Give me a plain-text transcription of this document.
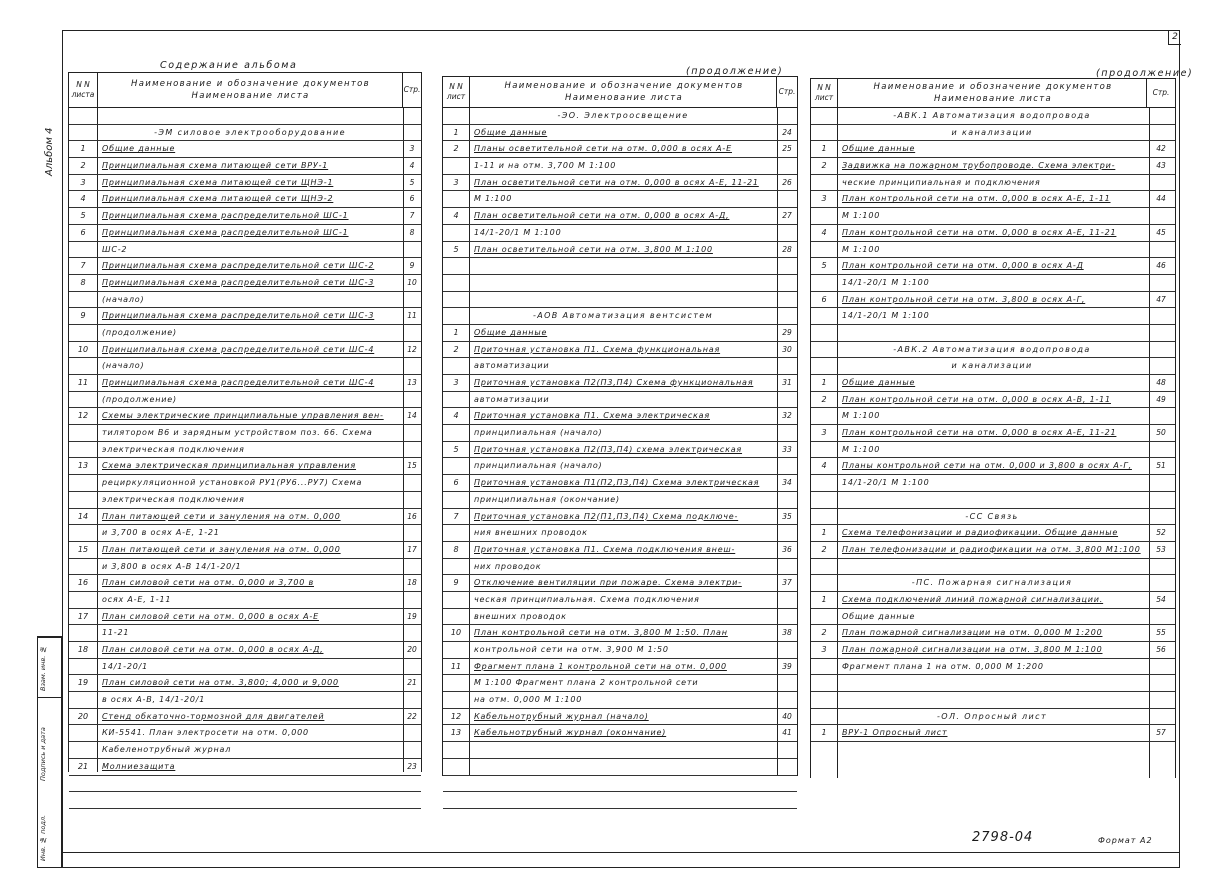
2
Альбом 4
Взам. инв. №
Подпись и дата
Инв. № подл.
Содержание альбома
N N листа
Наименование и обозначение документов
Наименование листа
Стр.
-ЭМ силовое электрооборудование
1	Общие данные	3
2	Принципиальная схема питающей сети ВРУ-1	4
3	Принципиальная схема питающей сети ЩНЭ-1	5
4	Принципиальная схема питающей сети ЩНЭ-2	6
5	Принципиальная схема распределительной ШС-1	7
6	Принципиальная схема распределительной ШС-1	8
ШС-2
7	Принципиальная схема распределительной сети ШС-2	9
8	Принципиальная схема распределительной сети ШС-3	10
(начало)
9	Принципиальная схема распределительной сети ШС-3	11
(продолжение)
10	Принципиальная схема распределительной сети ШС-4	12
(начало)
11	Принципиальная схема распределительной сети ШС-4	13
(продолжение)
12	Схемы электрические принципиальные управления вен-	14
тилятором В6 и зарядным устройством поз. 66. Схема
электрическая подключения
13	Схема электрическая принципиальная управления	15
рециркуляционной установкой РУ1(РУ6...РУ7) Схема
электрическая подключения
14	План питающей сети и зануления на отм. 0,000	16
и 3,700 в осях А-Е, 1-21
15	План питающей сети и зануления на отм. 0,000	17
и 3,800 в осях А-В 14/1-20/1
16	План силовой сети на отм. 0,000 и 3,700 в	18
осях А-Е, 1-11
17	План силовой сети на отм. 0,000 в осях А-Е	19
11-21
18	План силовой сети на отм. 0,000 в осях А-Д,	20
14/1-20/1
19	План силовой сети на отм. 3,800; 4,000 и 9,000	21
в осях А-В, 14/1-20/1
20	Стенд обкаточно-тормозной для двигателей	22
КИ-5541. План электросети на отм. 0,000
Кабеленотрубный журнал
21	Молниезащита	23
(продолжение)
N N лист
Наименование и обозначение документов
Наименование листа
Стр.
-ЭО. Электроосвещение
1	Общие данные	24
2	Планы осветительной сети на отм. 0,000 в осях А-Е	25
1-11 и на отм. 3,700 М 1:100
3	План осветительной сети на отм. 0,000 в осях А-Е, 11-21	26
М 1:100
4	План осветительной сети на отм. 0,000 в осях А-Д,	27
14/1-20/1 М 1:100
5	План осветительной сети на отм. 3,800 М 1:100	28
-АОВ Автоматизация вентсистем
1	Общие данные	29
2	Приточная установка П1. Схема функциональная	30
автоматизации
3	Приточная установка П2(П3,П4) Схема функциональная	31
автоматизации
4	Приточная установка П1. Схема электрическая	32
принципиальная (начало)
5	Приточная установка П2(П3,П4) схема электрическая	33
принципиальная (начало)
6	Приточная установка П1(П2,П3,П4) Схема электрическая	34
принципиальная (окончание)
7	Приточная установка П2(П1,П3,П4) Схема подключе-	35
ния внешних проводок
8	Приточная установка П1. Схема подключения внеш-	36
них проводок
9	Отключение вентиляции при пожаре. Схема электри-	37
ческая принципиальная. Схема подключения
внешних проводок
10	План контрольной сети на отм. 3,800 М 1:50. План	38
контрольной сети на отм. 3,900 М 1:50
11	Фрагмент плана 1 контрольной сети на отм. 0,000	39
М 1:100 Фрагмент плана 2 контрольной сети
на отм. 0,000 М 1:100
12	Кабельнотрубный журнал (начало)	40
13	Кабельнотрубный журнал (окончание)	41
(продолжение)
N N лист
Наименование и обозначение документов
Наименование листа
Стр.
-АВК.1 Автоматизация водопровода
и канализации
1	Общие данные	42
2	Задвижка на пожарном трубопроводе. Схема электри-	43
ческие принципиальная и подключения
3	План контрольной сети на отм. 0,000 в осях А-Е, 1-11	44
М 1:100
4	План контрольной сети на отм. 0,000 в осях А-Е, 11-21	45
М 1:100
5	План контрольной сети на отм. 0,000 в осях А-Д	46
14/1-20/1 М 1:100
6	План контрольной сети на отм. 3,800 в осях А-Г,	47
14/1-20/1 М 1:100
-АВК.2 Автоматизация водопровода
и канализации
1	Общие данные	48
2	План контрольной сети на отм. 0,000 в осях А-В, 1-11	49
М 1:100
3	План контрольной сети на отм. 0,000 в осях А-Е, 11-21	50
М 1:100
4	Планы контрольной сети на отм. 0,000 и 3,800 в осях А-Г,	51
14/1-20/1 М 1:100
-СС Связь
1	Схема телефонизации и радиофикации. Общие данные	52
2	План телефонизации и радиофикации на отм. 3,800 М1:100	53
-ПС. Пожарная сигнализация
1	Схема подключений линий пожарной сигнализации.	54
Общие данные
2	План пожарной сигнализации на отм. 0,000 М 1:200	55
3	План пожарной сигнализации на отм. 3,800 М 1:100	56
Фрагмент плана 1 на отм. 0,000 М 1:200
-ОЛ. Опросный лист
1	ВРУ-1 Опросный лист	57
2798-04	Формат А2
